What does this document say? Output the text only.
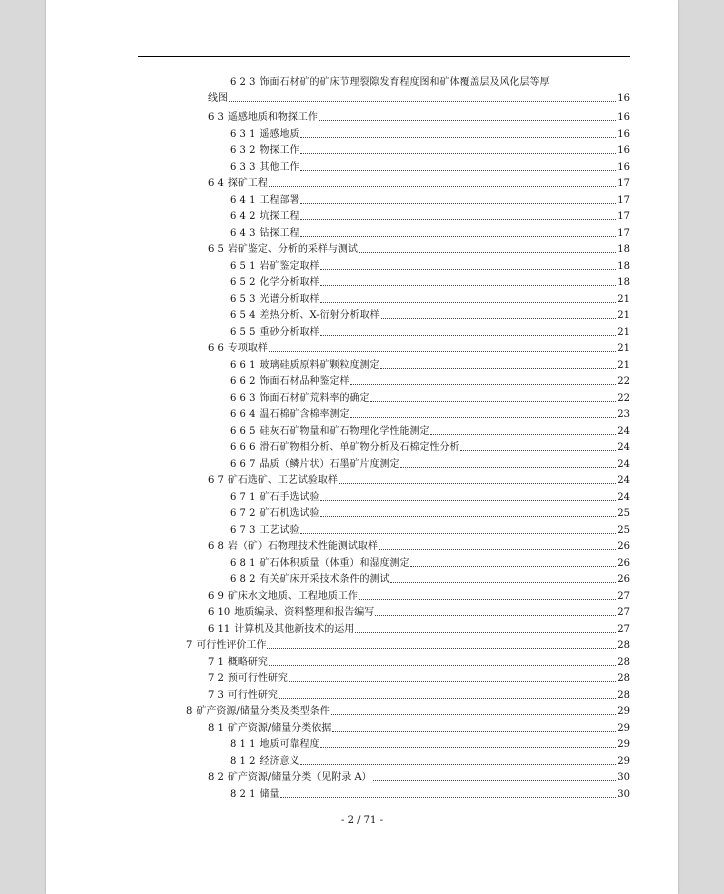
6 2 3 饰面石材矿的矿床节理裂隙发育程度图和矿体覆盖层及风化层等厚
线图	16
6 3 遥感地质和物探工作	16
6 3 1 遥感地质	16
6 3 2 物探工作	16
6 3 3 其他工作	16
6 4 探矿工程	17
6 4 1 工程部署	17
6 4 2 坑探工程	17
6 4 3 钻探工程	17
6 5 岩矿鉴定、分析的采样与测试	18
6 5 1 岩矿鉴定取样	18
6 5 2 化学分析取样	18
6 5 3 光谱分析取样	21
6 5 4 差热分析、X-衍射分析取样	21
6 5 5 重砂分析取样	21
6 6 专项取样	21
6 6 1 玻璃硅质原料矿颗粒度测定	21
6 6 2 饰面石材品种鉴定样	22
6 6 3 饰面石材矿荒料率的确定	22
6 6 4 温石棉矿含棉率测定	23
6 6 5 硅灰石矿物量和矿石物理化学性能测定	24
6 6 6 滑石矿物相分析、单矿物分析及石棉定性分析	24
6 6 7 晶质（鳞片状）石墨矿片度测定	24
6 7 矿石选矿、工艺试验取样	24
6 7 1 矿石手选试验	24
6 7 2 矿石机选试验	25
6 7 3 工艺试验	25
6 8 岩（矿）石物理技术性能测试取样	26
6 8 1 矿石体积质量（体重）和湿度测定	26
6 8 2 有关矿床开采技术条件的测试	26
6 9 矿床水文地质、工程地质工作	27
6 10 地质编录、资料整理和报告编写	27
6 11 计算机及其他新技术的运用	27
7 可行性评价工作	28
7 1 概略研究	28
7 2 预可行性研究	28
7 3 可行性研究	28
8 矿产资源/储量分类及类型条件	29
8 1 矿产资源/储量分类依据	29
8 1 1 地质可靠程度	29
8 1 2 经济意义	29
8 2 矿产资源/储量分类（见附录 A）	30
8 2 1 储量	30
- 2 / 71 -
